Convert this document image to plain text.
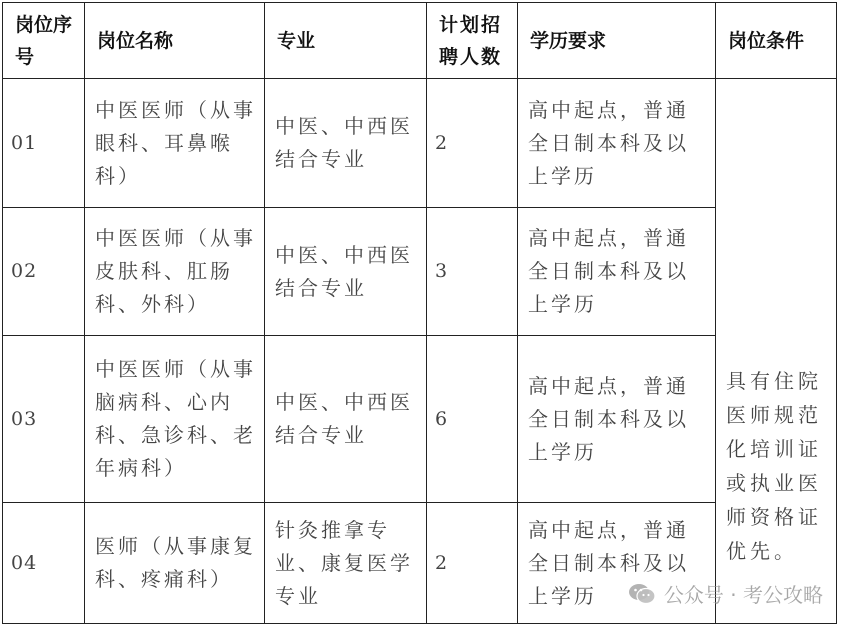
岗位序号	岗位名称	专业	计划招聘人数	学历要求	岗位条件
01	中医医师（从事眼科、耳鼻喉科）	中医、中西医结合专业	2	高中起点，普通全日制本科及以上学历	具有住院医师规范化培训证或执业医师资格证优先。

02	中医医师（从事皮肤科、肛肠科、外科）	中医、中西医结合专业	3	高中起点，普通全日制本科及以上学历	
03	中医医师（从事脑病科、心内科、急诊科、老年病科）	中医、中西医结合专业	6	高中起点，普通全日制本科及以上学历	
04	医师（从事康复科、疼痛科）	针灸推拿专业、康复医学专业	2	高中起点，普通全日制本科及以上学历		公众号 · 考公攻略
